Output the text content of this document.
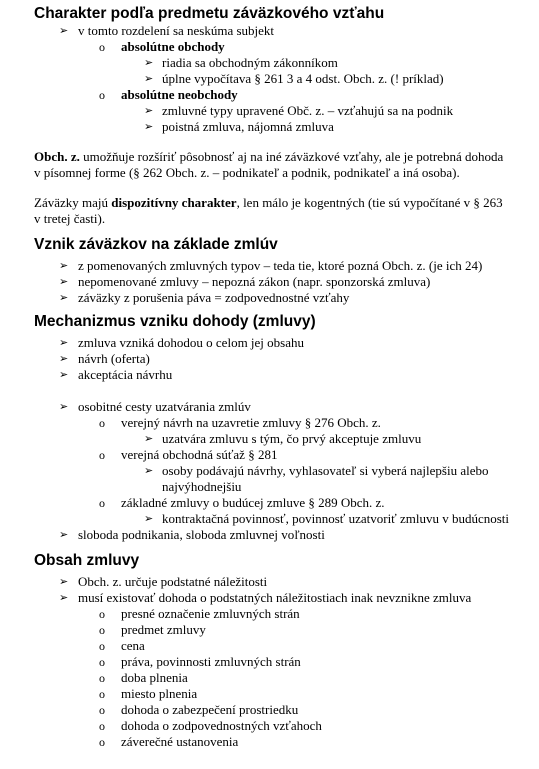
Charakter podľa predmetu záväzkového vzťahu
➢ v tomto rozdelení sa neskúma subjekt
o absolútne obchody
➢ riadia sa obchodným zákonníkom
➢ úplne vypočítava § 261 3 a 4 odst. Obch. z. (! príklad)
o absolútne neobchody
➢ zmluvné typy upravené Obč. z. – vzťahujú sa na podnik
➢ poistná zmluva, nájomná zmluva
Obch. z. umožňuje rozšíriť pôsobnosť aj na iné záväzkové vzťahy, ale je potrebná dohoda
v písomnej forme (§ 262 Obch. z. – podnikateľ a podnik, podnikateľ a iná osoba).
Záväzky majú dispozitívny charakter, len málo je kogentných (tie sú vypočítané v § 263
v tretej časti).
Vznik záväzkov na základe zmlúv
➢ z pomenovaných zmluvných typov – teda tie, ktoré pozná Obch. z. (je ich 24)
➢ nepomenované zmluvy – nepozná zákon (napr. sponzorská zmluva)
➢ záväzky z porušenia páva = zodpovednostné vzťahy
Mechanizmus vzniku dohody (zmluvy)
➢ zmluva vzniká dohodou o celom jej obsahu
➢ návrh (oferta)
➢ akceptácia návrhu
➢ osobitné cesty uzatvárania zmlúv
o verejný návrh na uzavretie zmluvy § 276 Obch. z.
➢ uzatvára zmluvu s tým, čo prvý akceptuje zmluvu
o verejná obchodná súťaž § 281
➢ osoby podávajú návrhy, vyhlasovateľ si vyberá najlepšiu alebo
najvýhodnejšiu
o základné zmluvy o budúcej zmluve § 289 Obch. z.
➢ kontraktačná povinnosť, povinnosť uzatvoriť zmluvu v budúcnosti
➢ sloboda podnikania, sloboda zmluvnej voľnosti
Obsah zmluvy
➢ Obch. z. určuje podstatné náležitosti
➢ musí existovať dohoda o podstatných náležitostiach inak nevznikne zmluva
o presné označenie zmluvných strán
o predmet zmluvy
o cena
o práva, povinnosti zmluvných strán
o doba plnenia
o miesto plnenia
o dohoda o zabezpečení prostriedku
o dohoda o zodpovednostných vzťahoch
o záverečné ustanovenia
